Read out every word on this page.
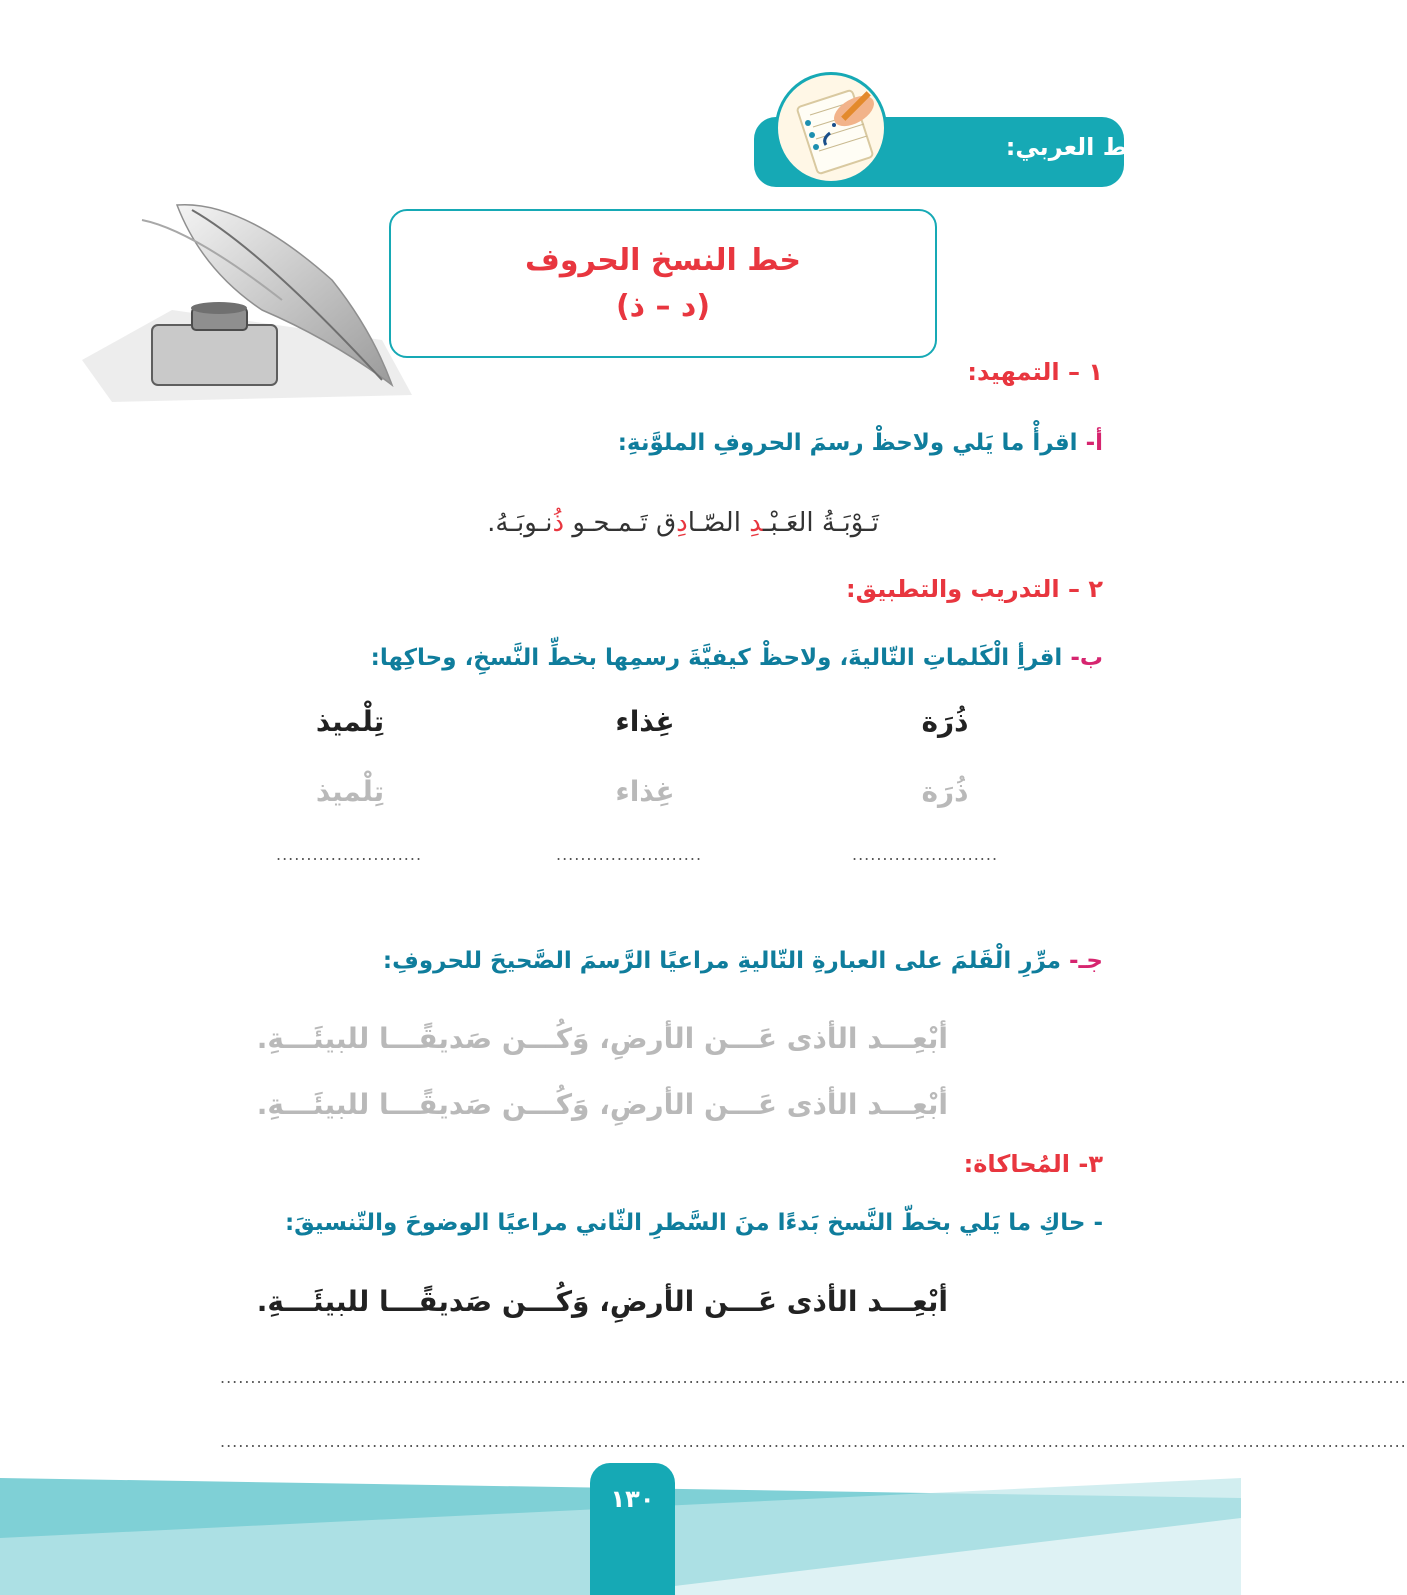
الخط العربي:
خط النسخ الحروف
(د – ذ)
١ – التمهيد:
أ- اقرأْ ما يَلي ولاحظْ رسمَ الحروفِ الملوَّنةِ:
تَـوْبَـةُ العَـبْـدِ الصّـادِق تَـمـحـو ذُنـوبَـهُ.
٢ – التدريب والتطبيق:
ب- اقرأِ الْكَلماتِ التّاليةَ، ولاحظْ كيفيَّةَ رسمِها بخطِّ النَّسخِ، وحاكِها:
ذُرَة
غِذاء
تِلْميذ
ذُرَة
غِذاء
تِلْميذ
........................
........................
........................
جـ- مرِّرِ الْقَلمَ على العبارةِ التّاليةِ مراعيًا الرَّسمَ الصَّحيحَ للحروفِ:
أبْعِـــد الأذى عَـــن الأرضِ، وَكُـــن صَديقًـــا للبيئَـــةِ.
أبْعِـــد الأذى عَـــن الأرضِ، وَكُـــن صَديقًـــا للبيئَـــةِ.
٣- المُحاكاة:
- حاكِ ما يَلي بخطّ النَّسخ بَدءًا منَ السَّطرِ الثّاني مراعيًا الوضوحَ والتّنسيقَ:
أبْعِـــد الأذى عَـــن الأرضِ، وَكُـــن صَديقًـــا للبيئَـــةِ.
...................................................................................................................................................................................................
...................................................................................................................................................................................................
١٣٠
